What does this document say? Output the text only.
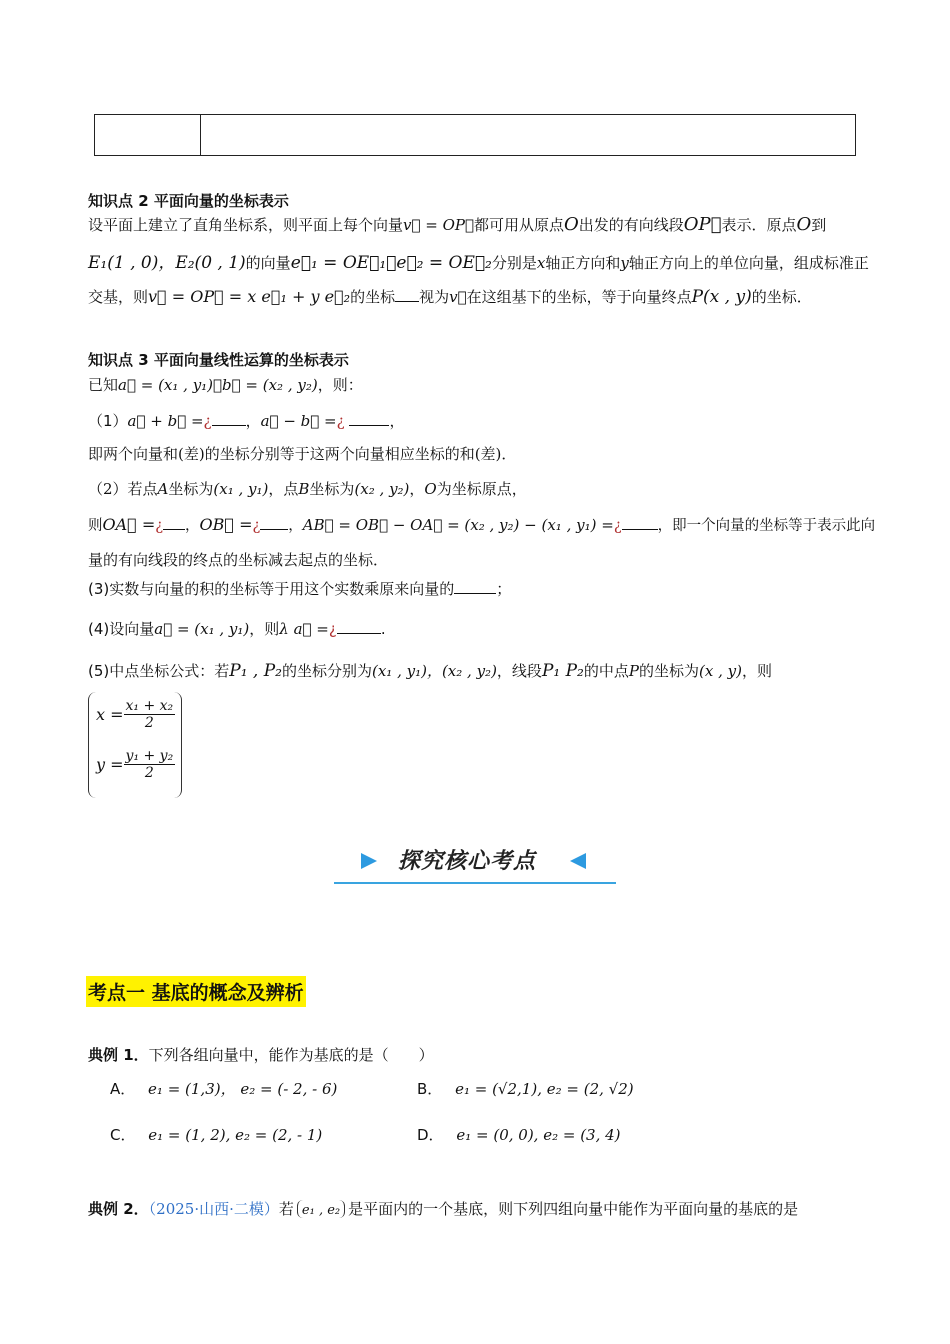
知识点 2 平面向量的坐标表示
设平面上建立了直角坐标系，则平面上每个向量v⃗ = OP⃗都可用从原点O出发的有向线段OP⃗表示．原点O到
E₁(1 , 0)，E₂(0 , 1)的向量e⃗₁ = OE⃗₁，e⃗₂ = OE⃗₂分别是x轴正方向和y轴正方向上的单位向量，组成标准正
交基，则v⃗ = OP⃗ = x e⃗₁ + y e⃗₂的坐标 视为v⃗在这组基下的坐标，等于向量终点P(x , y)的坐标．
知识点 3 平面向量线性运算的坐标表示
已知a⃗ = (x₁ , y₁)，b⃗ = (x₂ , y₂)，则：
（1）a⃗ + b⃗ =¿ ，a⃗ − b⃗ =¿	，
即两个向量和(差)的坐标分别等于这两个向量相应坐标的和(差)．
（2）若点A坐标为(x₁ , y₁)，点B坐标为(x₂ , y₂)，O为坐标原点，
则OA⃗ =¿ ，OB⃗ =¿ ，AB⃗ = OB⃗ − OA⃗ = (x₂ , y₂) − (x₁ , y₁) =¿ ，即一个向量的坐标等于表示此向
量的有向线段的终点的坐标减去起点的坐标．
(3)实数与向量的积的坐标等于用这个实数乘原来向量的	；
(4)设向量a⃗ = (x₁ , y₁)，则λ a⃗ =¿	.
(5)中点坐标公式：若P₁ , P₂的坐标分别为(x₁ , y₁)，(x₂ , y₂)，线段P₁ P₂的中点P的坐标为(x , y)，则
$x = \frac{\text{x₁ + x₂}}{2}$
$y = \frac{\text{y₁ + y₂}}{2}$
探究核心考点
考点一 基底的概念及辨析
典例 1．下列各组向量中，能作为基底的是（　　）
A． e₁ = (1,3)， e₂ = (- 2, - 6)	B． e₁ = (√2,1), e₂ = (2, √2)
C． e₁ = (1, 2), e₂ = (2, - 1)	D． e₁ = (0, 0), e₂ = (3, 4)
典例 2．（2025·山西·二模）若 e₁ , e₂ 是平面内的一个基底，则下列四组向量中能作为平面向量的基底的是
